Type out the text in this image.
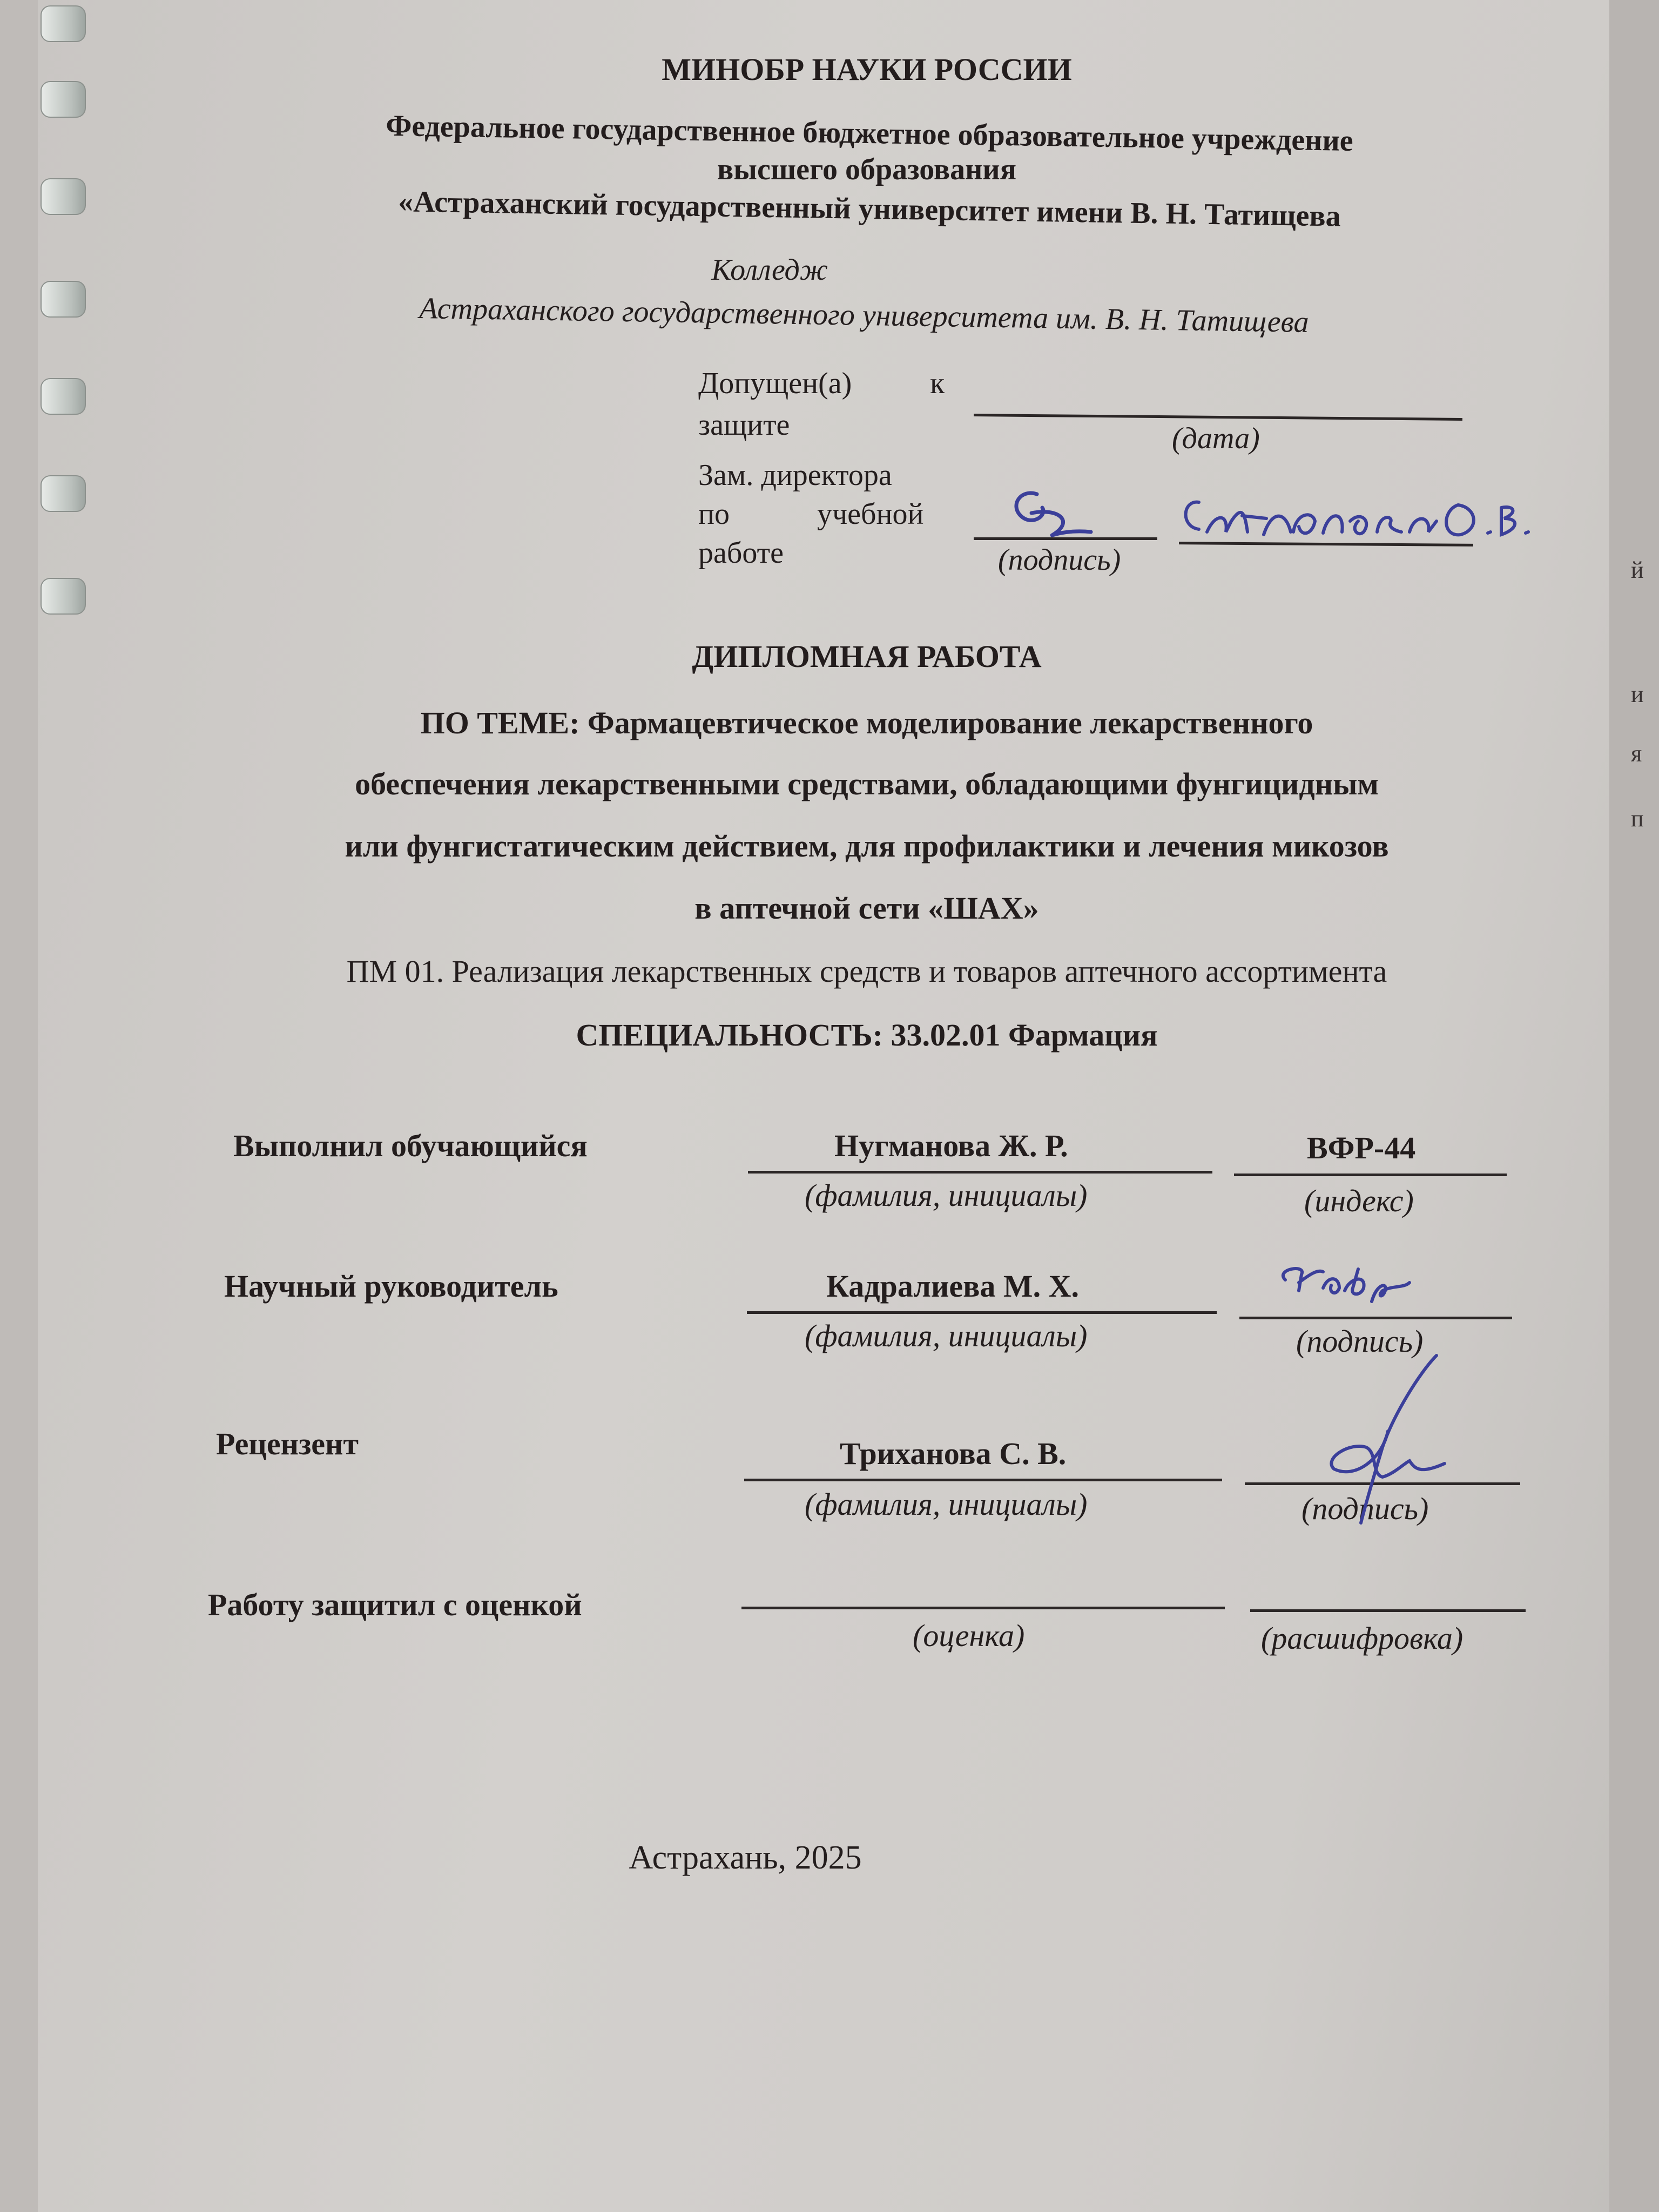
й
и
я
п
МИНОБР НАУКИ РОССИИ
Федеральное государственное бюджетное образовательное учреждение
высшего образования
«Астраханский государственный университет имени В. Н. Татищева
Колледж
Астраханского государственного университета им. В. Н. Татищева
Допущен(а)	к
защите	(дата)
Зам. директора
по	учебной
работе	(подпись)
ДИПЛОМНАЯ РАБОТА
ПО ТЕМЕ: Фармацевтическое моделирование лекарственного
обеспечения лекарственными средствами, обладающими фунгицидным
или фунгистатическим действием, для профилактики и лечения микозов
в аптечной сети «ШАХ»
ПМ 01. Реализация лекарственных средств и товаров аптечного ассортимента
СПЕЦИАЛЬНОСТЬ: 33.02.01 Фармация
Выполнил обучающийся	Нугманова Ж. Р.	ВФР-44
(фамилия, инициалы)	(индекс)
Научный руководитель	Кадралиева М. Х.
(фамилия, инициалы)	(подпись)
Рецензент	Триханова С. В.
(фамилия, инициалы)	(подпись)
Работу защитил с оценкой
(оценка)	(расшифровка)
Астрахань, 2025
